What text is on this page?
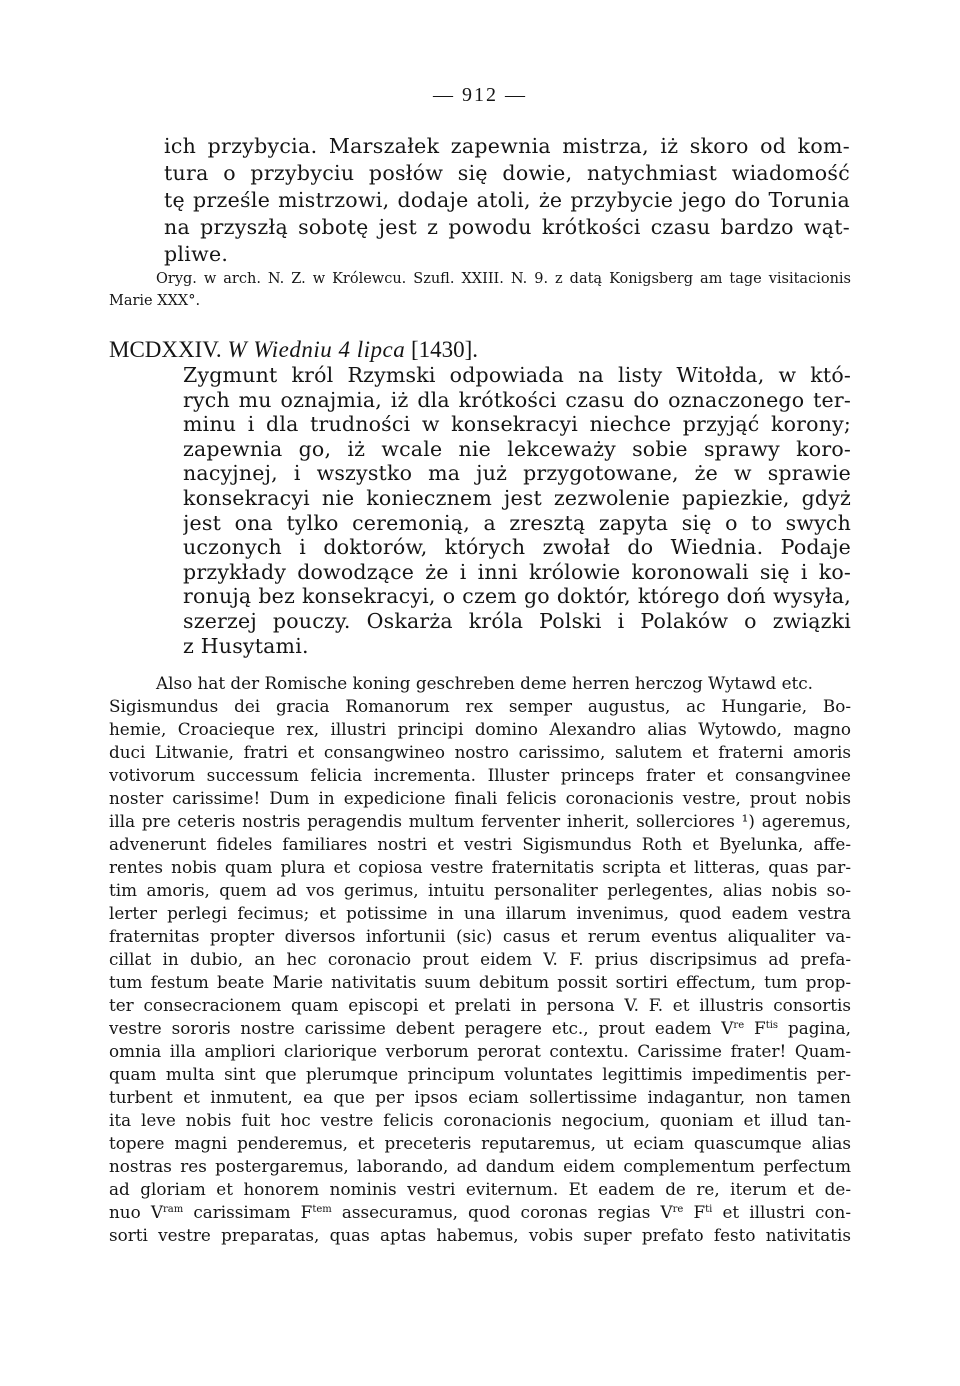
— 912 —

ich przybycia. Marszałek zapewnia mistrza, iż skoro od kom-
tura o przybyciu posłów się dowie, natychmiast wiadomość
tę prześle mistrzowi, dodaje atoli, że przybycie jego do Torunia
na przyszłą sobotę jest z powodu krótkości czasu bardzo wąt-
pliwe.
Oryg. w arch. N. Z. w Królewcu. Szufl. XXIII. N. 9. z datą Konigsberg am tage visitacionis
Marie XXX°.
MCDXXIV. W Wiedniu 4 lipca [1430].
Zygmunt król Rzymski odpowiada na listy Witołda, w któ-
rych mu oznajmia, iż dla krótkości czasu do oznaczonego ter-
minu i dla trudności w konsekracyi niechce przyjąć korony;
zapewnia go, iż wcale nie lekceważy sobie sprawy koro-
nacyjnej, i wszystko ma już przygotowane, że w sprawie
konsekracyi nie koniecznem jest zezwolenie papiezkie, gdyż
jest ona tylko ceremonią, a zresztą zapyta się o to swych
uczonych i doktorów, których zwołał do Wiednia. Podaje
przykłady dowodzące że i inni królowie koronowali się i ko-
ronują bez konsekracyi, o czem go doktór, którego doń wysyła,
szerzej pouczy. Oskarża króla Polski i Polaków o związki
z Husytami.
Also hat der Romische koning geschreben deme herren herczog Wytawd etc.
Sigismundus dei gracia Romanorum rex semper augustus, ac Hungarie, Bo-
hemie, Croacieque rex, illustri principi domino Alexandro alias Wytowdo, magno
duci Litwanie, fratri et consangwineo nostro carissimo, salutem et fraterni amoris
votivorum successum felicia incrementa. Illuster princeps frater et consangvinee
noster carissime! Dum in expedicione finali felicis coronacionis vestre, prout nobis
illa pre ceteris nostris peragendis multum ferventer inherit, sollerciores ¹) ageremus,
advenerunt fideles familiares nostri et vestri Sigismundus Roth et Byelunka, affe-
rentes nobis quam plura et copiosa vestre fraternitatis scripta et litteras, quas par-
tim amoris, quem ad vos gerimus, intuitu personaliter perlegentes, alias nobis so-
lerter perlegi fecimus; et potissime in una illarum invenimus, quod eadem vestra
fraternitas propter diversos infortunii (sic) casus et rerum eventus aliqualiter va-
cillat in dubio, an hec coronacio prout eidem V. F. prius discripsimus ad prefa-
tum festum beate Marie nativitatis suum debitum possit sortiri effectum, tum prop-
ter consecracionem quam episcopi et prelati in persona V. F. et illustris consortis
vestre sororis nostre carissime debent peragere etc., prout eadem Vre $F^{tis}$ pagina,
omnia illa ampliori clariorique verborum perorat contextu. Carissime frater! Quam-
quam multa sint que plerumque principum voluntates legittimis impedimentis per-
turbent et inmutent, ea que per ipsos eciam sollertissime indagantur, non tamen
ita leve nobis fuit hoc vestre felicis coronacionis negocium, quoniam et illud tan-
topere magni penderemus, et preceteris reputaremus, ut eciam quascumque alias
nostras res postergaremus, laborando, ad dandum eidem complementum perfectum
ad gloriam et honorem nominis vestri eviternum. Et eadem de re, iterum et de-
nuo $V^{ram}$ carissimam $F^{tem}$ assecuramus, quod coronas regias Vre $F^{ti}$ et illustri con-
sorti vestre preparatas, quas aptas habemus, vobis super prefato festo nativitatis
